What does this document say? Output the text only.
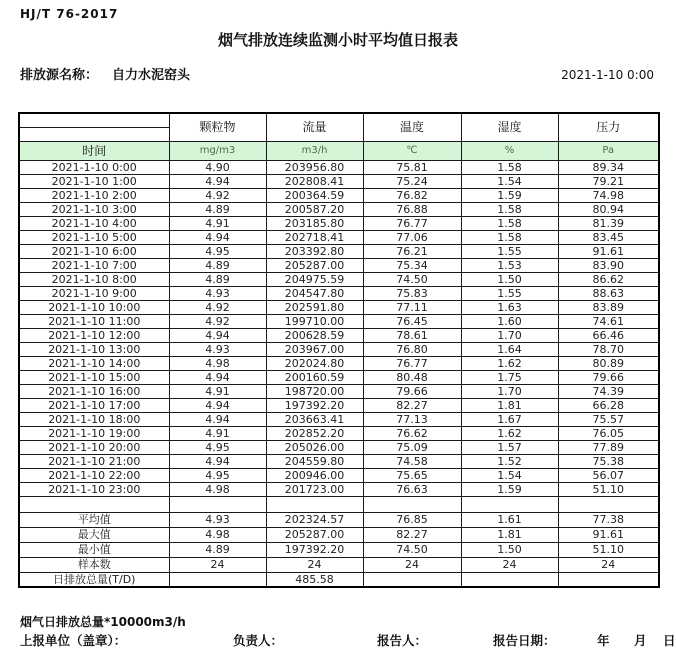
HJ/T 76-2017
烟气排放连续监测小时平均值日报表
排放源名称： 自力水泥窑头	2021-1-10 0:00
	颗粒物	流量	温度	湿度	压力

时间	mg/m3	m3/h	℃	%	Pa
2021-1-10 0:00	4.90	203956.80	75.81	1.58	89.34
2021-1-10 1:00	4.94	202808.41	75.24	1.54	79.21
2021-1-10 2:00	4.92	200364.59	76.82	1.59	74.98
2021-1-10 3:00	4.89	200587.20	76.88	1.58	80.94
2021-1-10 4:00	4.91	203185.80	76.77	1.58	81.39
2021-1-10 5:00	4.94	202718.41	77.06	1.58	83.45
2021-1-10 6:00	4.95	203392.80	76.21	1.55	91.61
2021-1-10 7:00	4.89	205287.00	75.34	1.53	83.90
2021-1-10 8:00	4.89	204975.59	74.50	1.50	86.62
2021-1-10 9:00	4.93	204547.80	75.83	1.55	88.63
2021-1-10 10:00	4.92	202591.80	77.11	1.63	83.89
2021-1-10 11:00	4.92	199710.00	76.45	1.60	74.61
2021-1-10 12:00	4.94	200628.59	78.61	1.70	66.46
2021-1-10 13:00	4.93	203967.00	76.80	1.64	78.70
2021-1-10 14:00	4.98	202024.80	76.77	1.62	80.89
2021-1-10 15:00	4.94	200160.59	80.48	1.75	79.66
2021-1-10 16:00	4.91	198720.00	79.66	1.70	74.39
2021-1-10 17:00	4.94	197392.20	82.27	1.81	66.28
2021-1-10 18:00	4.94	203663.41	77.13	1.67	75.57
2021-1-10 19:00	4.91	202852.20	76.62	1.62	76.05
2021-1-10 20:00	4.95	205026.00	75.09	1.57	77.89
2021-1-10 21:00	4.94	204559.80	74.58	1.52	75.38
2021-1-10 22:00	4.95	200946.00	75.65	1.54	56.07
2021-1-10 23:00	4.98	201723.00	76.63	1.59	51.10

平均值	4.93	202324.57	76.85	1.61	77.38
最大值	4.98	205287.00	82.27	1.81	91.61
最小值	4.89	197392.20	74.50	1.50	51.10
样本数	24	24	24	24	24
日排放总量(T/D)		485.58			
烟气日排放总量*10000m3/h
上报单位（盖章）：	负责人：	报告人：	报告日期：	年 月 日
